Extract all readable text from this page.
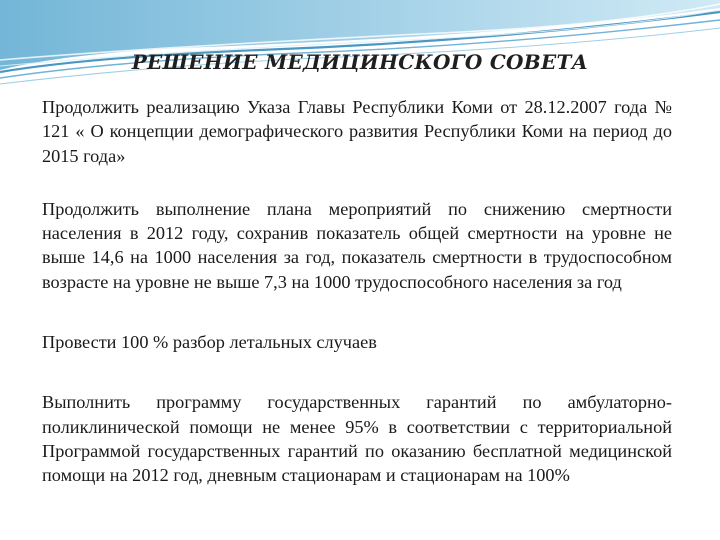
РЕШЕНИЕ МЕДИЦИНСКОГО СОВЕТА

Продолжить реализацию Указа Главы Республики Коми от 28.12.2007 года № 121 « О концепции демографического развития Республики Коми на период до 2015 года»

Продолжить выполнение плана мероприятий по снижению смертности населения в 2012 году, сохранив показатель общей смертности на уровне не выше 14,6 на 1000 населения за год, показатель смертности в трудоспособном возрасте на уровне не выше 7,3 на 1000 трудоспособного населения за год

Провести 100 % разбор летальных случаев

Выполнить программу государственных гарантий по амбулаторно-поликлинической помощи не менее 95% в соответствии с территориальной Программой государственных гарантий по оказанию бесплатной медицинской помощи на 2012 год, дневным стационарам и стационарам на 100%
